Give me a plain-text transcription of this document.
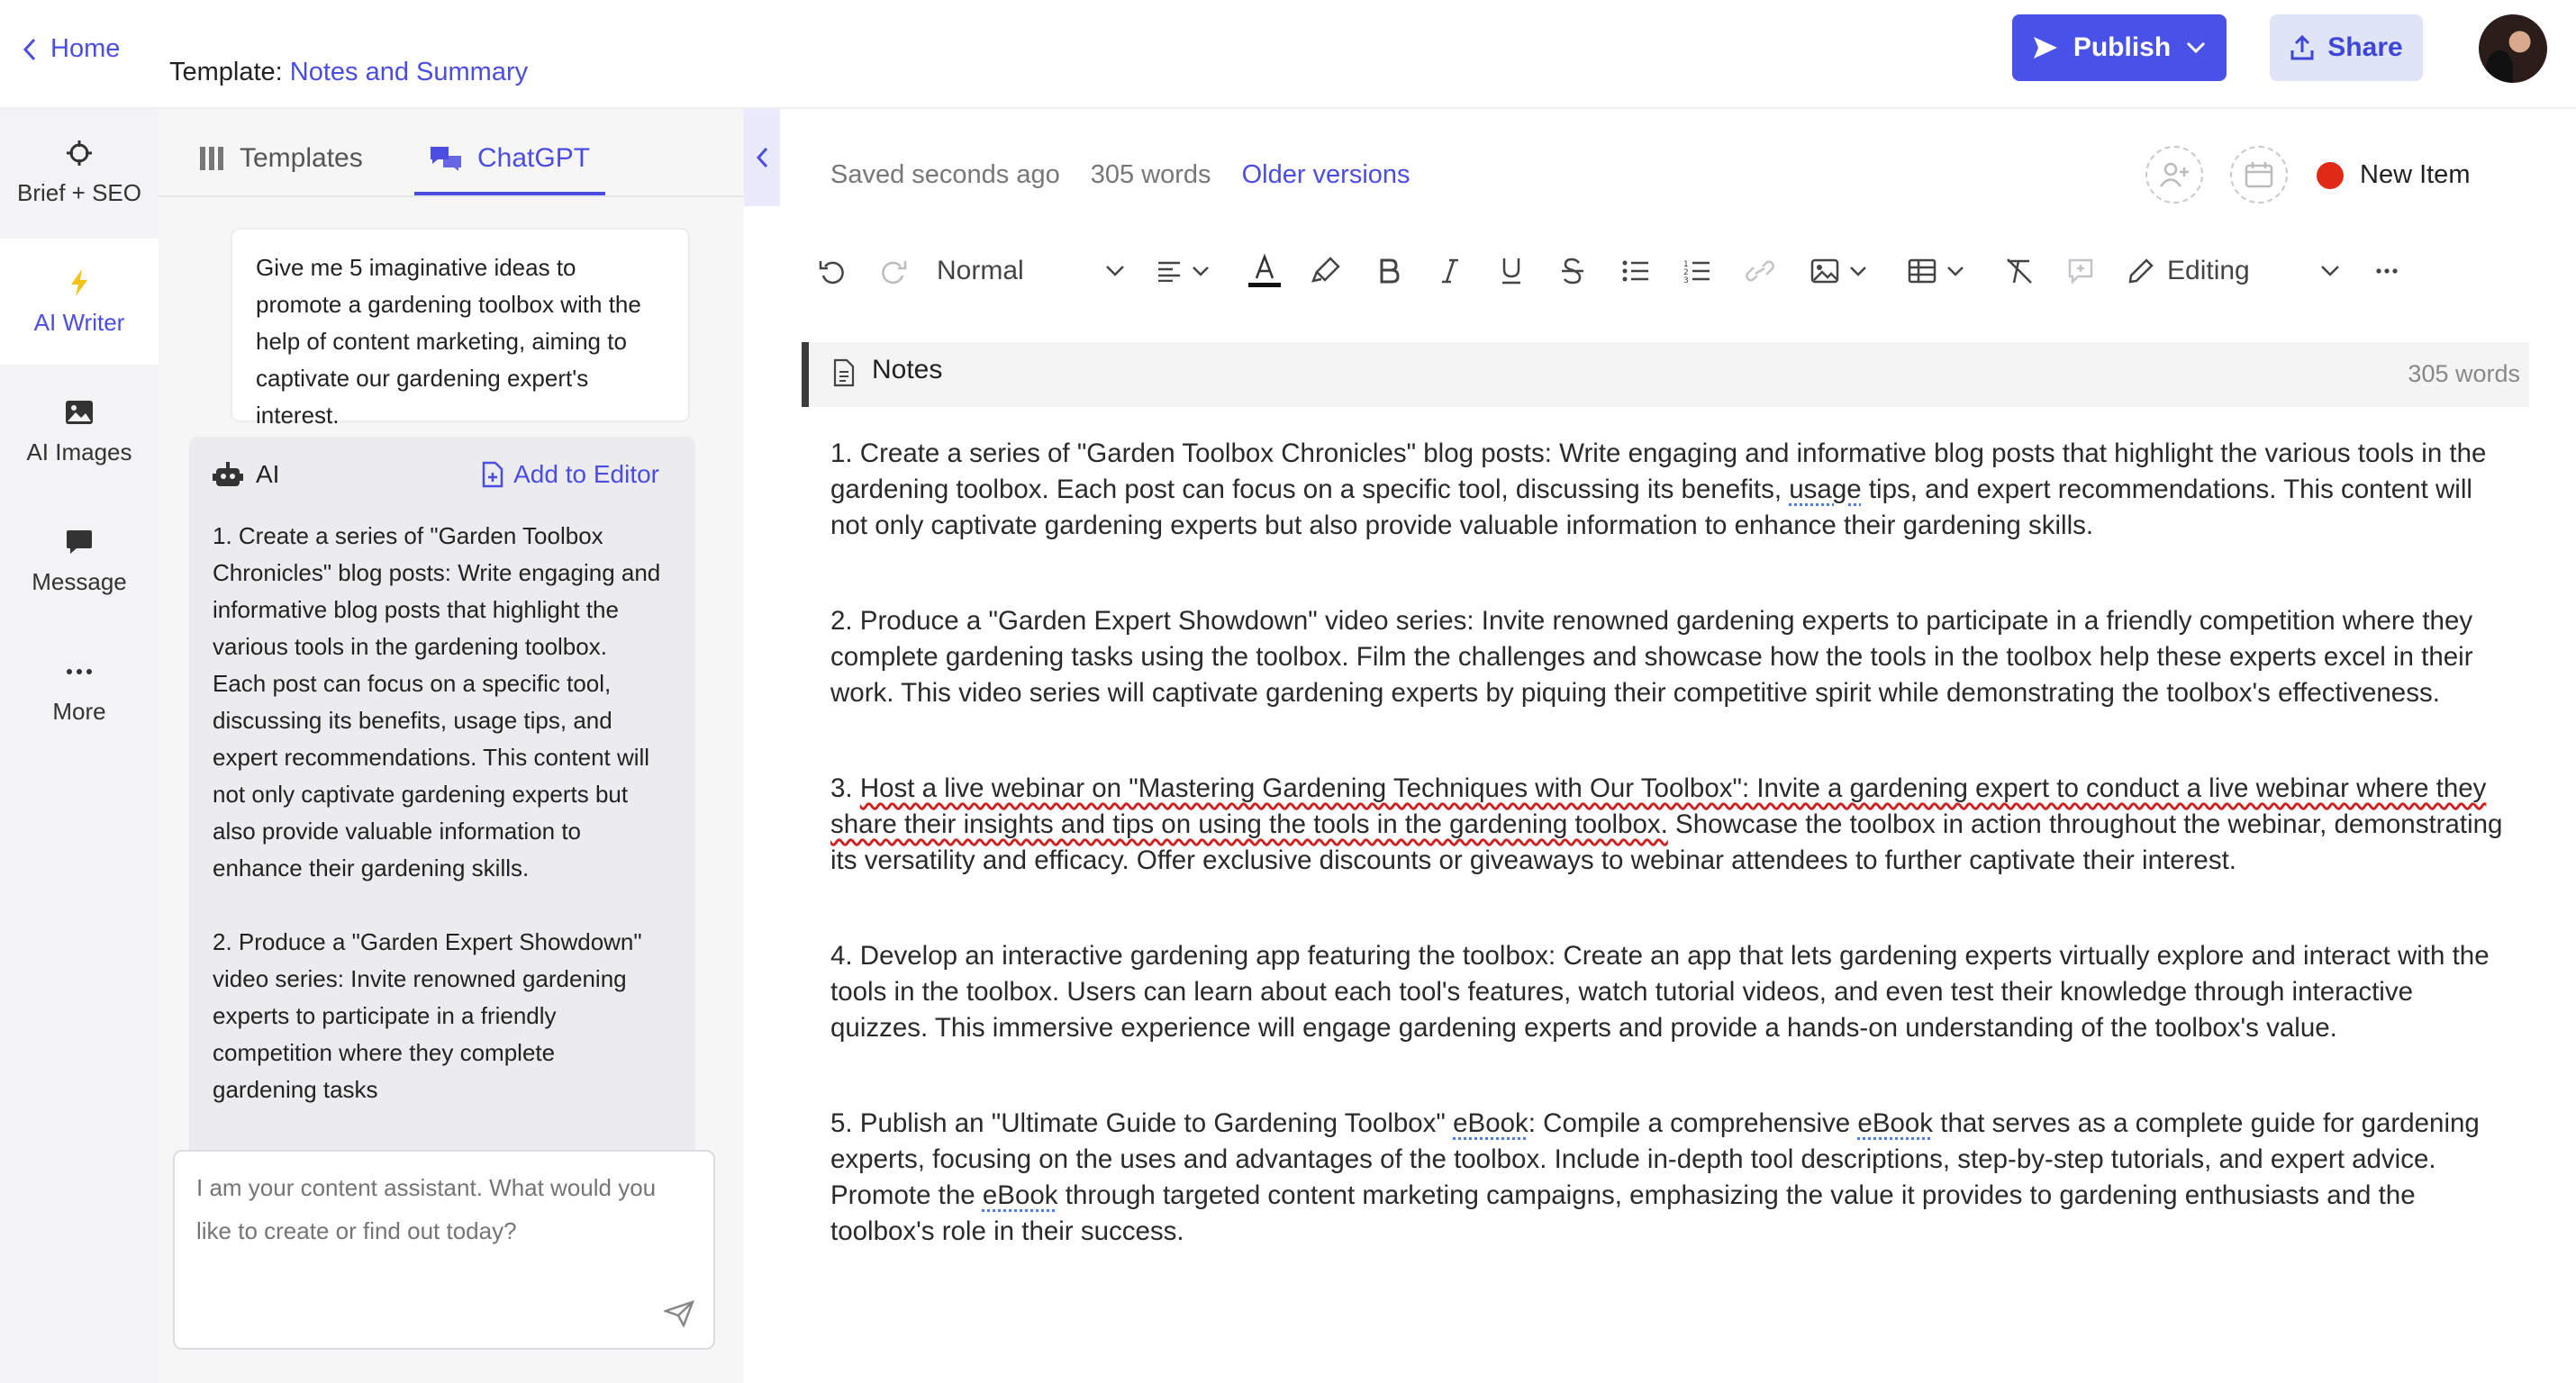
Home
Template: Notes and Summary
Publish	Share
Brief + SEO
AI Writer
AI Images
Message
More
Templates	ChatGPT
Give me 5 imaginative ideas to promote a gardening toolbox with the help of content marketing, aiming to captivate our gardening expert's interest.
AI	Add to Editor
1. Create a series of "Garden Toolbox Chronicles" blog posts: Write engaging and informative blog posts that highlight the various tools in the gardening toolbox. Each post can focus on a specific tool, discussing its benefits, usage tips, and expert recommendations. This content will not only captivate gardening experts but also provide valuable information to enhance their gardening skills.

2. Produce a "Garden Expert Showdown" video series: Invite renowned gardening experts to participate in a friendly competition where they complete gardening tasks
I am your content assistant. What would you like to create or find out today?
Saved seconds ago 305 words Older versions	New Item
Normal	1
2
3	Editing
Notes	305 words

1. Create a series of "Garden Toolbox Chronicles" blog posts: Write engaging and informative blog posts that highlight the various tools in the gardening toolbox. Each post can focus on a specific tool, discussing its benefits, usage tips, and expert recommendations. This content will not only captivate gardening experts but also provide valuable information to enhance their gardening skills.

2. Produce a "Garden Expert Showdown" video series: Invite renowned gardening experts to participate in a friendly competition where they complete gardening tasks using the toolbox. Film the challenges and showcase how the tools in the toolbox help these experts excel in their work. This video series will captivate gardening experts by piquing their competitive spirit while demonstrating the toolbox's effectiveness.

3. Host a live webinar on "Mastering Gardening Techniques with Our Toolbox": Invite a gardening expert to conduct a live webinar where they share their insights and tips on using the tools in the gardening toolbox. Showcase the toolbox in action throughout the webinar, demonstrating its versatility and efficacy. Offer exclusive discounts or giveaways to webinar attendees to further captivate their interest.

4. Develop an interactive gardening app featuring the toolbox: Create an app that lets gardening experts virtually explore and interact with the tools in the toolbox. Users can learn about each tool's features, watch tutorial videos, and even test their knowledge through interactive quizzes. This immersive experience will engage gardening experts and provide a hands-on understanding of the toolbox's value.

5. Publish an "Ultimate Guide to Gardening Toolbox" eBook: Compile a comprehensive eBook that serves as a complete guide for gardening experts, focusing on the uses and advantages of the toolbox. Include in-depth tool descriptions, step-by-step tutorials, and expert advice. Promote the eBook through targeted content marketing campaigns, emphasizing the value it provides to gardening enthusiasts and the toolbox's role in their success.
